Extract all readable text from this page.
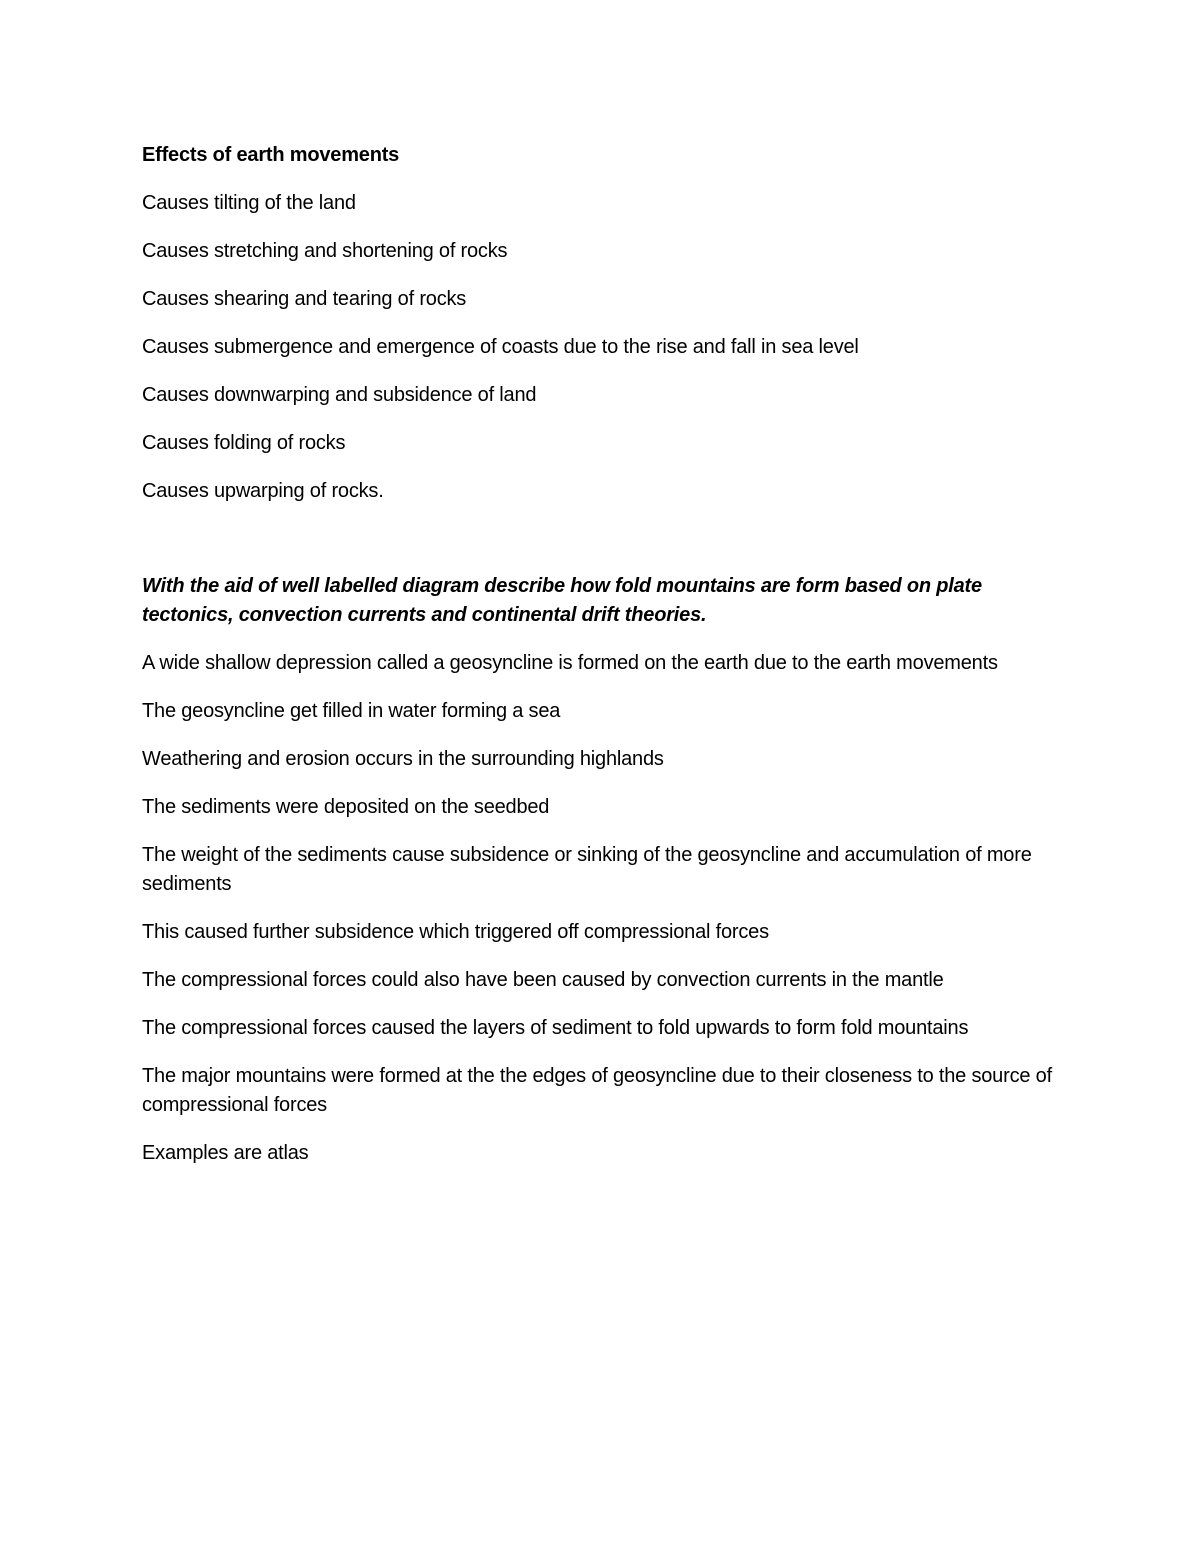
Effects of earth movements

Causes tilting of the land

Causes stretching and shortening of rocks

Causes shearing and tearing of rocks

Causes submergence and emergence of coasts due to the rise and fall in sea level

Causes downwarping and subsidence of land

Causes folding of rocks

Causes upwarping of rocks.

With the aid of well labelled diagram describe how fold mountains are form based on plate tectonics, convection currents and continental drift theories.

A wide shallow depression called a geosyncline is formed on the earth due to the earth movements

The geosyncline get filled in water forming a sea

Weathering and erosion occurs in the surrounding highlands

The sediments were deposited on the seedbed

The weight of the sediments cause subsidence or sinking of the geosyncline and accumulation of more sediments

This caused further subsidence which triggered off compressional forces

The compressional forces could also have been caused by convection currents in the mantle

The compressional forces caused the layers of sediment to fold upwards to form fold mountains

The major mountains were formed at the the edges of geosyncline due to their closeness to the source of compressional forces

Examples are atlas
